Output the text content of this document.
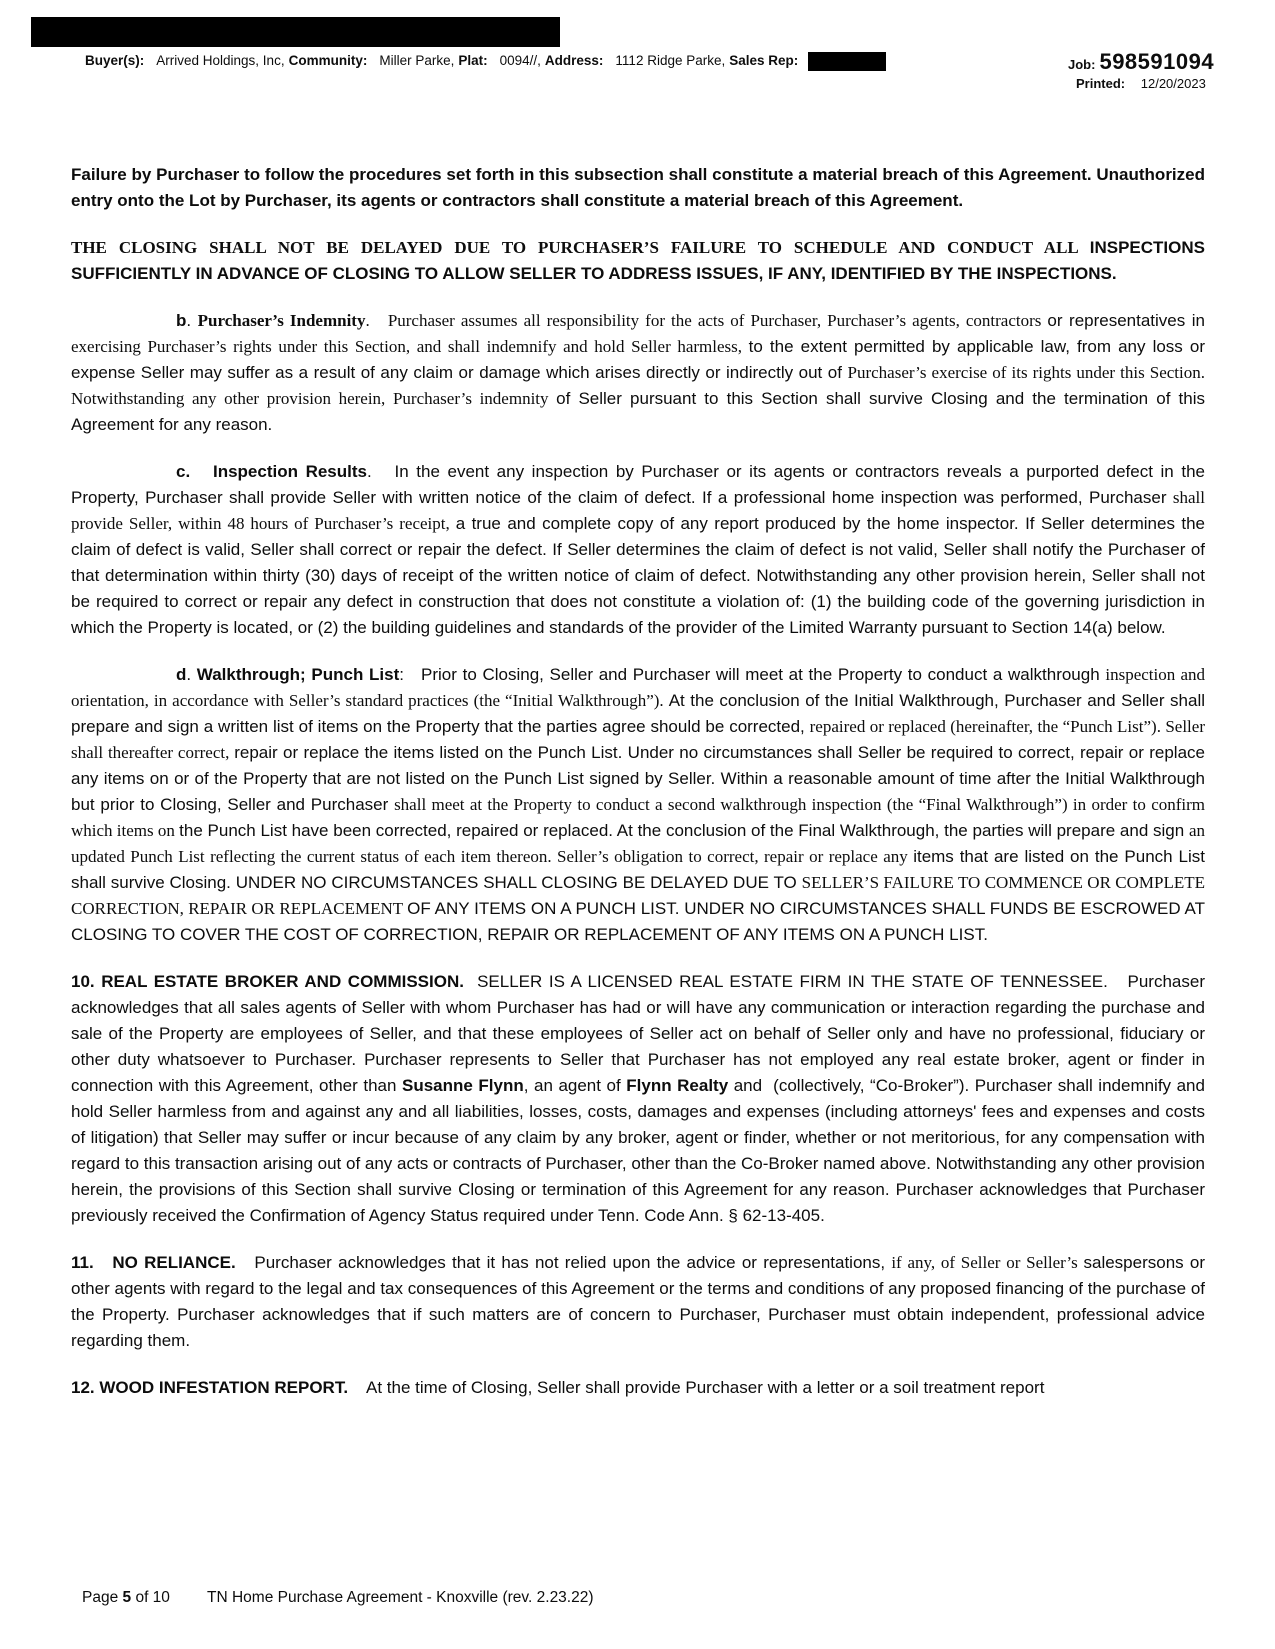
Buyer(s): Arrived Holdings, Inc, Community: Miller Parke, Plat: 0094//, Address: 1112 Ridge Parke, Sales Rep:	Job: 598591094
Printed: 12/20/2023

Failure by Purchaser to follow the procedures set forth in this subsection shall constitute a material breach of this Agreement. Unauthorized entry onto the Lot by Purchaser, its agents or contractors shall constitute a material breach of this Agreement.

THE CLOSING SHALL NOT BE DELAYED DUE TO PURCHASER’S FAILURE TO SCHEDULE AND CONDUCT ALL INSPECTIONS SUFFICIENTLY IN ADVANCE OF CLOSING TO ALLOW SELLER TO ADDRESS ISSUES, IF ANY, IDENTIFIED BY THE INSPECTIONS.

b. Purchaser’s Indemnity.   Purchaser assumes all responsibility for the acts of Purchaser, Purchaser’s agents, contractors or representatives in exercising Purchaser’s rights under this Section, and shall indemnify and hold Seller harmless, to the extent permitted by applicable law, from any loss or expense Seller may suffer as a result of any claim or damage which arises directly or indirectly out of Purchaser’s exercise of its rights under this Section. Notwithstanding any other provision herein, Purchaser’s indemnity of Seller pursuant to this Section shall survive Closing and the termination of this Agreement for any reason.

c.   Inspection Results.   In the event any inspection by Purchaser or its agents or contractors reveals a purported defect in the Property, Purchaser shall provide Seller with written notice of the claim of defect. If a professional home inspection was performed, Purchaser shall provide Seller, within 48 hours of Purchaser’s receipt, a true and complete copy of any report produced by the home inspector. If Seller determines the claim of defect is valid, Seller shall correct or repair the defect. If Seller determines the claim of defect is not valid, Seller shall notify the Purchaser of that determination within thirty (30) days of receipt of the written notice of claim of defect. Notwithstanding any other provision herein, Seller shall not be required to correct or repair any defect in construction that does not constitute a violation of: (1) the building code of the governing jurisdiction in which the Property is located, or (2) the building guidelines and standards of the provider of the Limited Warranty pursuant to Section 14(a) below.

d. Walkthrough; Punch List:   Prior to Closing, Seller and Purchaser will meet at the Property to conduct a walkthrough inspection and orientation, in accordance with Seller’s standard practices (the “Initial Walkthrough”). At the conclusion of the Initial Walkthrough, Purchaser and Seller shall prepare and sign a written list of items on the Property that the parties agree should be corrected, repaired or replaced (hereinafter, the “Punch List”). Seller shall thereafter correct, repair or replace the items listed on the Punch List. Under no circumstances shall Seller be required to correct, repair or replace any items on or of the Property that are not listed on the Punch List signed by Seller. Within a reasonable amount of time after the Initial Walkthrough but prior to Closing, Seller and Purchaser shall meet at the Property to conduct a second walkthrough inspection (the “Final Walkthrough”) in order to confirm which items on the Punch List have been corrected, repaired or replaced. At the conclusion of the Final Walkthrough, the parties will prepare and sign an updated Punch List reflecting the current status of each item thereon. Seller’s obligation to correct, repair or replace any items that are listed on the Punch List shall survive Closing. UNDER NO CIRCUMSTANCES SHALL CLOSING BE DELAYED DUE TO SELLER’S FAILURE TO COMMENCE OR COMPLETE CORRECTION, REPAIR OR REPLACEMENT OF ANY ITEMS ON A PUNCH LIST. UNDER NO CIRCUMSTANCES SHALL FUNDS BE ESCROWED AT CLOSING TO COVER THE COST OF CORRECTION, REPAIR OR REPLACEMENT OF ANY ITEMS ON A PUNCH LIST.

10. REAL ESTATE BROKER AND COMMISSION.  SELLER IS A LICENSED REAL ESTATE FIRM IN THE STATE OF TENNESSEE.   Purchaser acknowledges that all sales agents of Seller with whom Purchaser has had or will have any communication or interaction regarding the purchase and sale of the Property are employees of Seller, and that these employees of Seller act on behalf of Seller only and have no professional, fiduciary or other duty whatsoever to Purchaser. Purchaser represents to Seller that Purchaser has not employed any real estate broker, agent or finder in connection with this Agreement, other than Susanne Flynn, an agent of Flynn Realty and  (collectively, “Co-Broker”). Purchaser shall indemnify and hold Seller harmless from and against any and all liabilities, losses, costs, damages and expenses (including attorneys' fees and expenses and costs of litigation) that Seller may suffer or incur because of any claim by any broker, agent or finder, whether or not meritorious, for any compensation with regard to this transaction arising out of any acts or contracts of Purchaser, other than the Co-Broker named above. Notwithstanding any other provision herein, the provisions of this Section shall survive Closing or termination of this Agreement for any reason. Purchaser acknowledges that Purchaser previously received the Confirmation of Agency Status required under Tenn. Code Ann. § 62-13-405.

11.   NO RELIANCE.   Purchaser acknowledges that it has not relied upon the advice or representations, if any, of Seller or Seller’s salespersons or other agents with regard to the legal and tax consequences of this Agreement or the terms and conditions of any proposed financing of the purchase of the Property. Purchaser acknowledges that if such matters are of concern to Purchaser, Purchaser must obtain independent, professional advice regarding them.

12. WOOD INFESTATION REPORT.    At the time of Closing, Seller shall provide Purchaser with a letter or a soil treatment report

Page 5 of 10 TN Home Purchase Agreement - Knoxville (rev. 2.23.22)
